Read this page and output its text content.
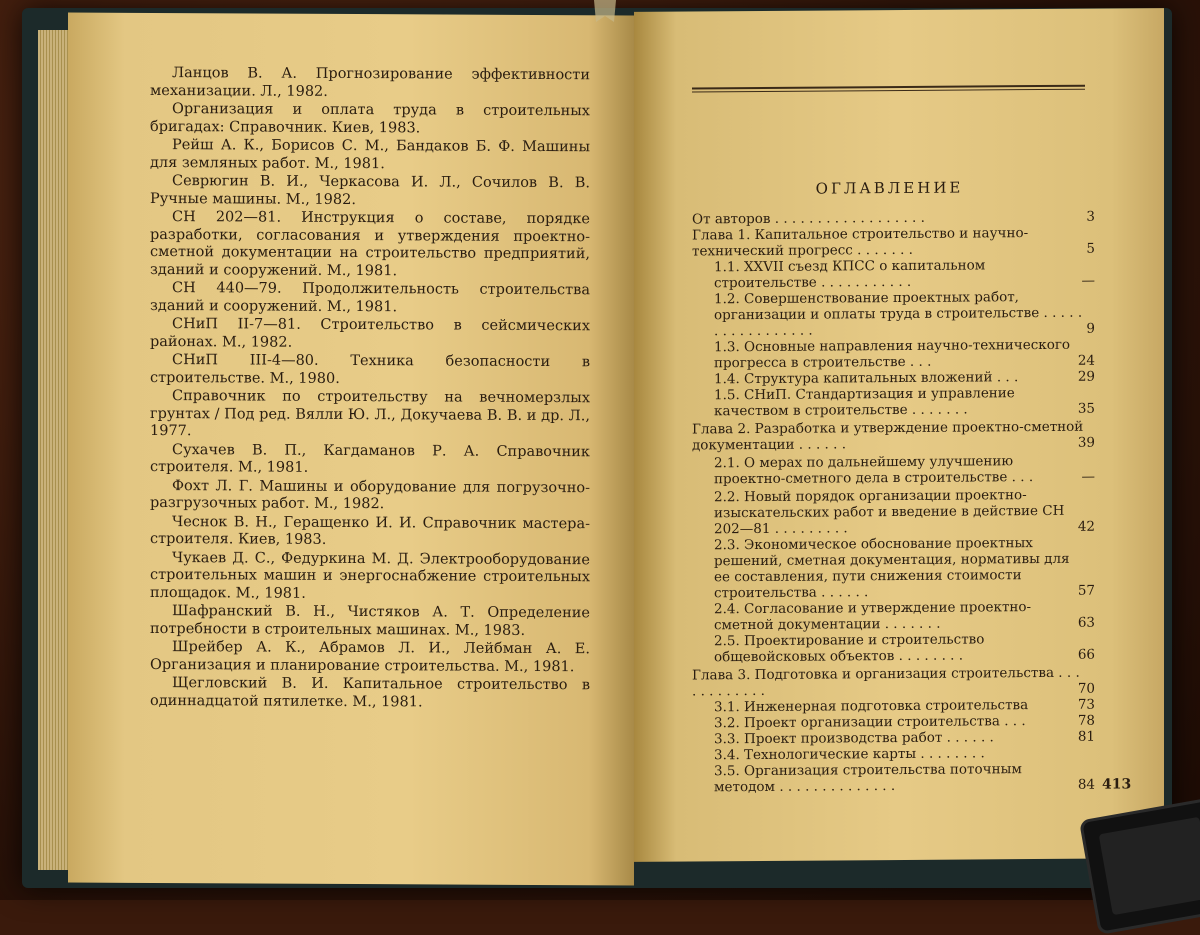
Ланцов В. А. Прогнозирование эффективности механизации. Л., 1982.

Организация и оплата труда в строительных бригадах: Справочник. Киев, 1983.

Рейш А. К., Борисов С. М., Бандаков Б. Ф. Машины для земляных работ. М., 1981.

Севрюгин В. И., Черкасова И. Л., Сочилов В. В. Ручные машины. М., 1982.

СН 202—81. Инструкция о составе, порядке разработки, согласования и утверждения проектно-сметной документации на строительство предприятий, зданий и сооружений. М., 1981.

СН 440—79. Продолжительность строительства зданий и сооружений. М., 1981.

СНиП II-7—81. Строительство в сейсмических районах. М., 1982.

СНиП III-4—80. Техника безопасности в строительстве. М., 1980.

Справочник по строительству на вечномерзлых грунтах / Под ред. Вялли Ю. Л., Докучаева В. В. и др. Л., 1977.

Сухачев В. П., Кагдаманов Р. А. Справочник строителя. М., 1981.

Фохт Л. Г. Машины и оборудование для погрузочно-разгрузочных работ. М., 1982.

Чеснок В. Н., Геращенко И. И. Справочник мастера-строителя. Киев, 1983.

Чукаев Д. С., Федуркина М. Д. Электрооборудование строительных машин и энергоснабжение строительных площадок. М., 1981.

Шафранский В. Н., Чистяков А. Т. Определение потребности в строительных машинах. М., 1983.

Шрейбер А. К., Абрамов Л. И., Лейбман А. Е. Организация и планирование строительства. М., 1981.

Щегловский В. И. Капитальное строительство в одиннадцатой пятилетке. М., 1981.

ОГЛАВЛЕНИЕ
От авторов . . . . . . . . . . . . . . . . . .	3
Глава 1. Капитальное строительство и научно-технический прогресс . . . . . . .	5
1.1. XXVII съезд КПСС о капитальном строительстве . . . . . . . . . . .	—
1.2. Совершенствование проектных работ, организации и оплаты труда в строительстве . . . . . . . . . . . . . . . . .	9
1.3. Основные направления научно-технического прогресса в строительстве . . .	24
1.4. Структура капитальных вложений . . .	29
1.5. СНиП. Стандартизация и управление качеством в строительстве . . . . . . .	35
Глава 2. Разработка и утверждение проектно-сметной документации . . . . . .	39
2.1. О мерах по дальнейшему улучшению проектно-сметного дела в строительстве . . .	—
2.2. Новый порядок организации проектно-изыскательских работ и введение в действие СН 202—81 . . . . . . . . .	42
2.3. Экономическое обоснование проектных решений, сметная документация, нормативы для ее составления, пути снижения стоимости строительства . . . . . .	57
2.4. Согласование и утверждение проектно-сметной документации . . . . . . .	63
2.5. Проектирование и строительство общевойсковых объектов . . . . . . . .	66
Глава 3. Подготовка и организация строительства . . . . . . . . . . . .	70
3.1. Инженерная подготовка строительства	73
3.2. Проект организации строительства . . .	78
3.3. Проект производства работ . . . . . .	81
3.4. Технологические карты . . . . . . . .
3.5. Организация строительства поточным методом . . . . . . . . . . . . . .	84 413
